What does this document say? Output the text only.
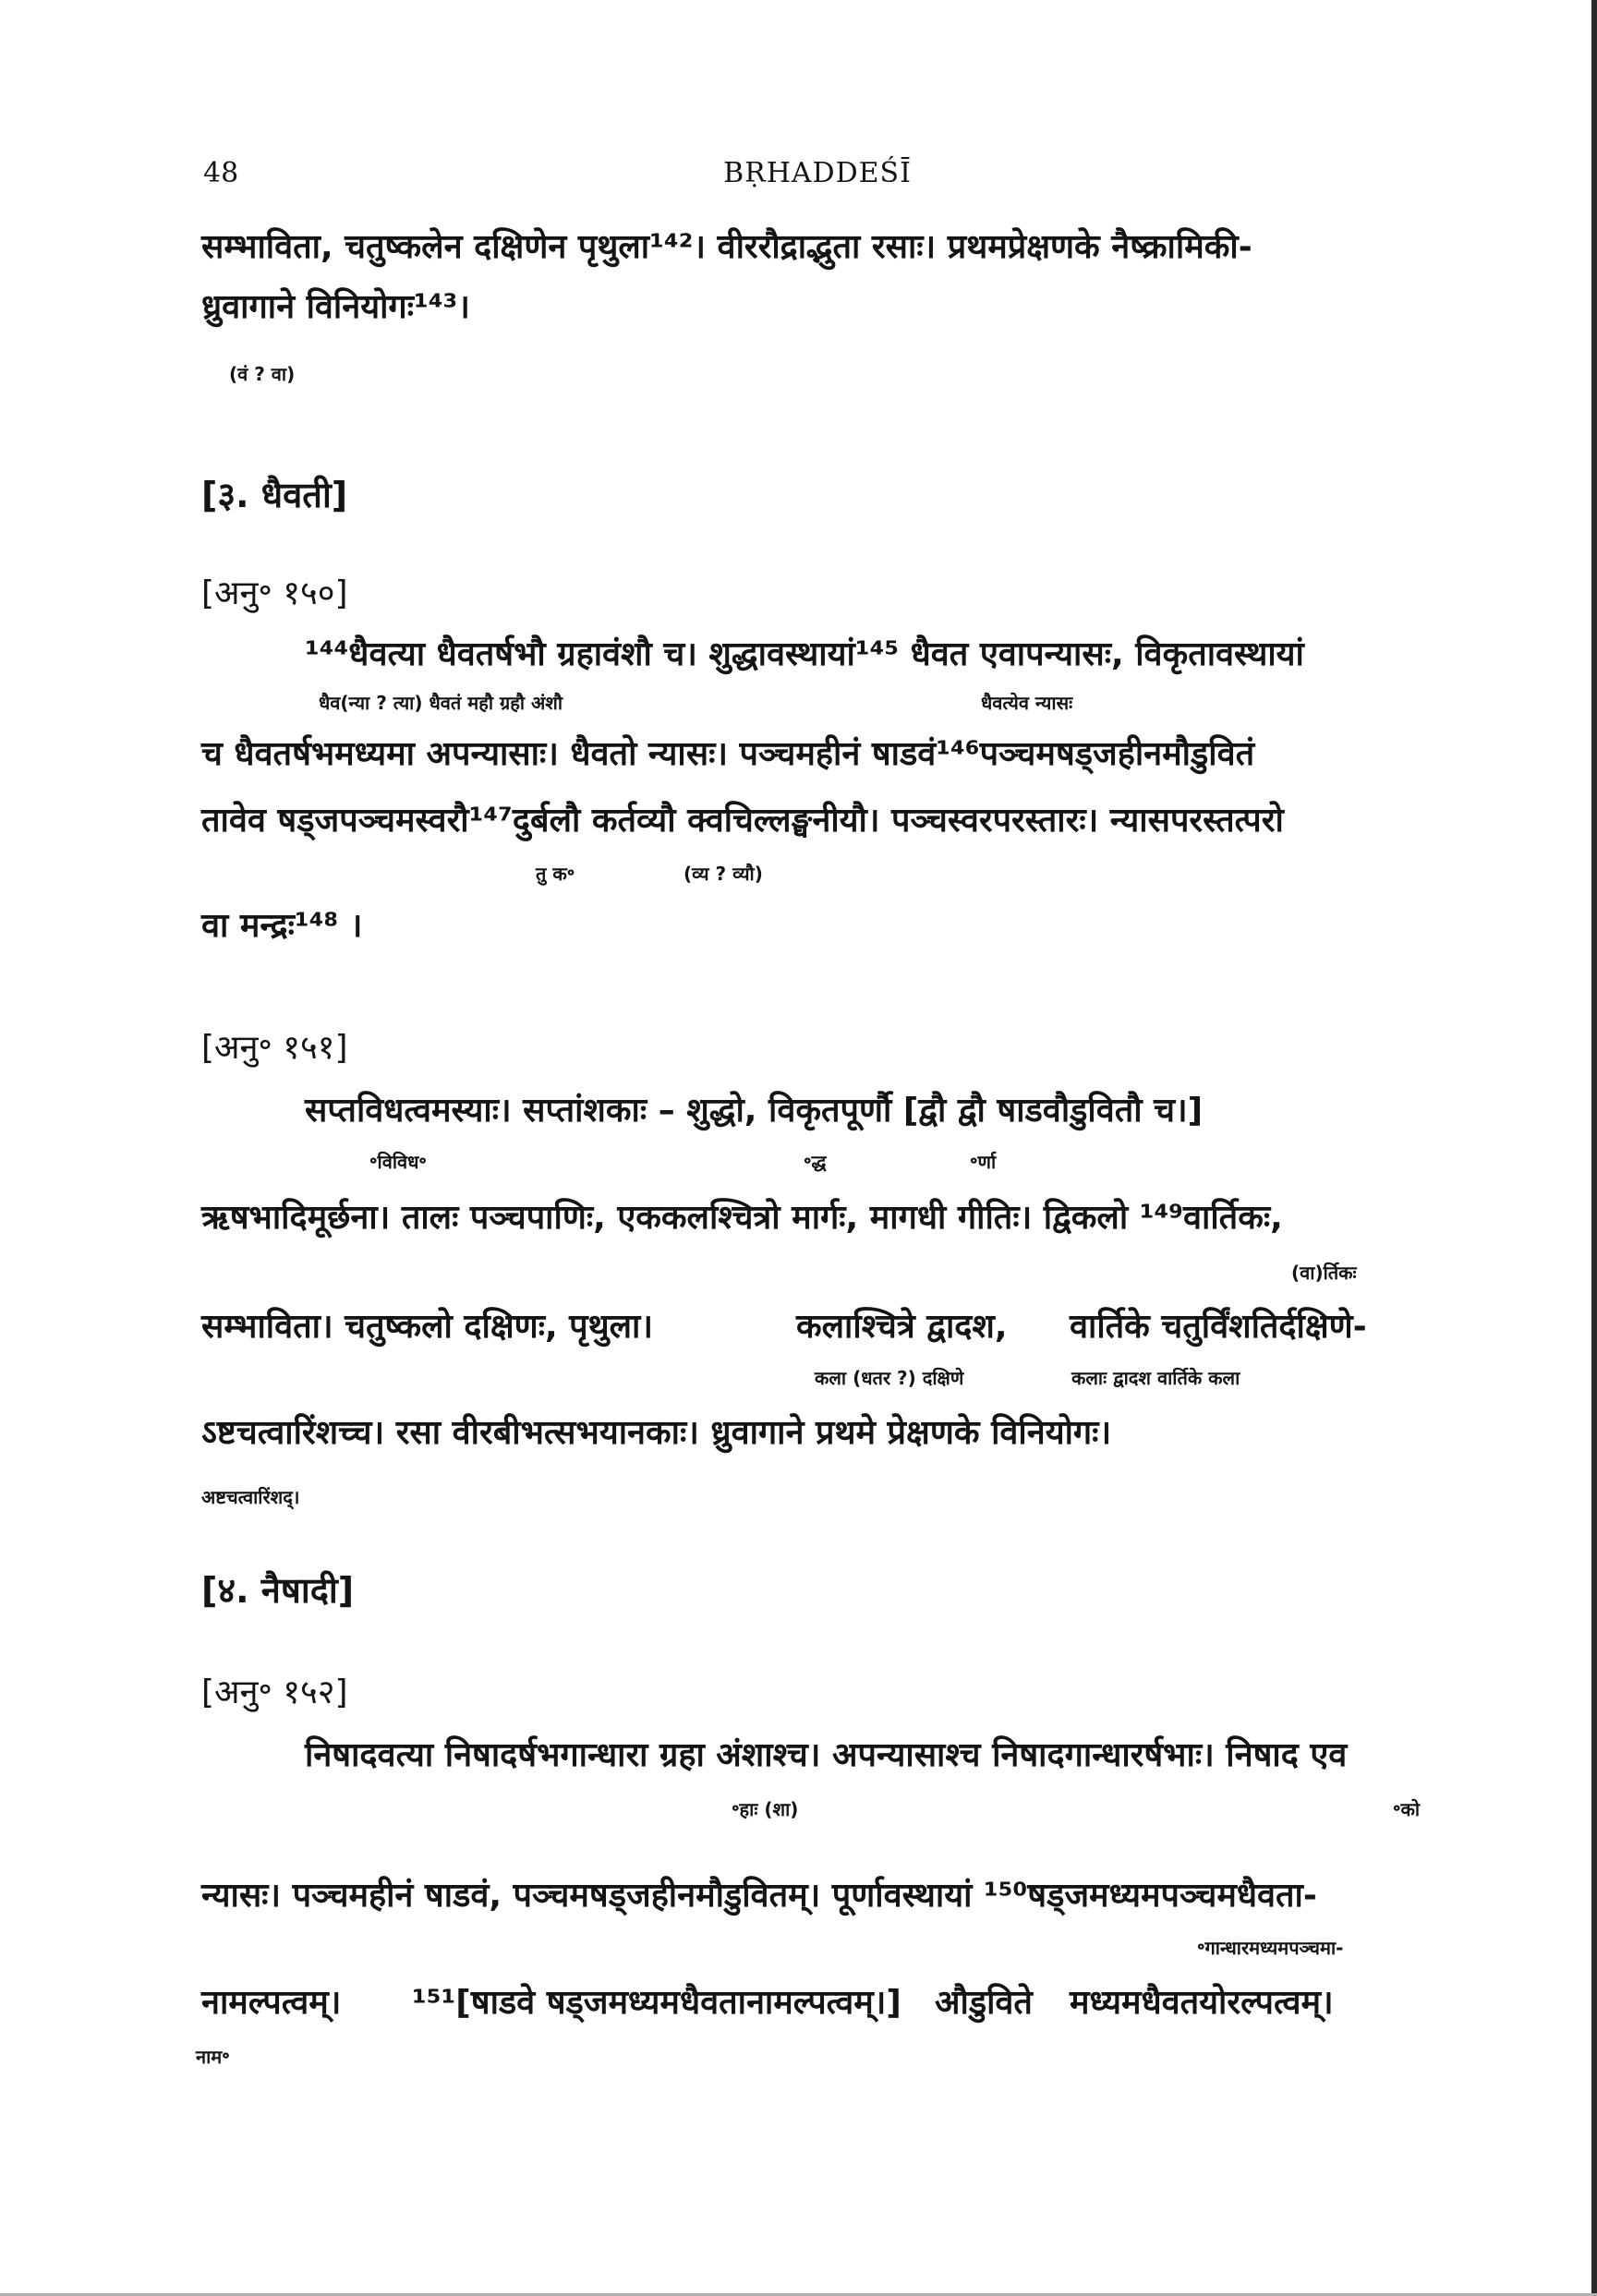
48	BṚHADDEŚĪ
सम्भाविता, चतुष्कलेन दक्षिणेन पृथुला¹⁴²। वीररौद्राद्भुता रसाः। प्रथमप्रेक्षणके नैष्क्रामिकी-
ध्रुवागाने विनियोगः¹⁴³।
(वं ? वा)
[३. धैवती]
[अनु॰ १५०]
¹⁴⁴धैवत्या धैवतर्षभौ ग्रहावंशौ च। शुद्धावस्थायां¹⁴⁵ धैवत एवापन्यासः, विकृतावस्थायां
धैव(न्या ? त्या) धैवतं महौ ग्रहौ अंशौ	धैवत्येव न्यासः
च धैवतर्षभमध्यमा अपन्यासाः। धैवतो न्यासः। पञ्चमहीनं षाडवं¹⁴⁶पञ्चमषड्जहीनमौडुवितं
तावेव षड्जपञ्चमस्वरौ¹⁴⁷दुर्बलौ कर्तव्यौ क्वचिल्लङ्घनीयौ। पञ्चस्वरपरस्तारः। न्यासपरस्तत्परो
तु क॰	(व्य ? व्यौ)
वा मन्द्रः¹⁴⁸ ।
[अनु॰ १५१]
सप्तविधत्वमस्याः। सप्तांशकाः – शुद्धो, विकृतपूर्णौ [द्वौ द्वौ षाडवौडुवितौ च।]
॰विविध॰	॰द्ध	॰र्णा
ऋषभादिमूर्छना। तालः पञ्चपाणिः, एककलश्चित्रो मार्गः, मागधी गीतिः। द्विकलो ¹⁴⁹वार्तिकः,
(वा)र्तिकः
सम्भाविता। चतुष्कलो दक्षिणः, पृथुला।	कलाश्चित्रे द्वादश, वार्तिके चतुर्विंशतिर्दक्षिणे-
कला (धतर ?) दक्षिणे	कलाः द्वादश वार्तिके कला
ऽष्टचत्वारिंशच्च। रसा वीरबीभत्सभयानकाः। ध्रुवागाने प्रथमे प्रेक्षणके विनियोगः।
अष्टचत्वारिंशद्।
[४. नैषादी]
[अनु॰ १५२]
निषादवत्या निषादर्षभगान्धारा ग्रहा अंशाश्च। अपन्यासाश्च निषादगान्धारर्षभाः। निषाद एव
॰हाः (शा)	॰को
न्यासः। पञ्चमहीनं षाडवं, पञ्चमषड्जहीनमौडुवितम्। पूर्णावस्थायां ¹⁵⁰षड्जमध्यमपञ्चमधैवता-
॰गान्धारमध्यमपञ्चमा-
नामल्पत्वम्। ¹⁵¹[षाडवे षड्जमध्यमधैवतानामल्पत्वम्।] औडुविते मध्यमधैवतयोरल्पत्वम्।
नाम॰
